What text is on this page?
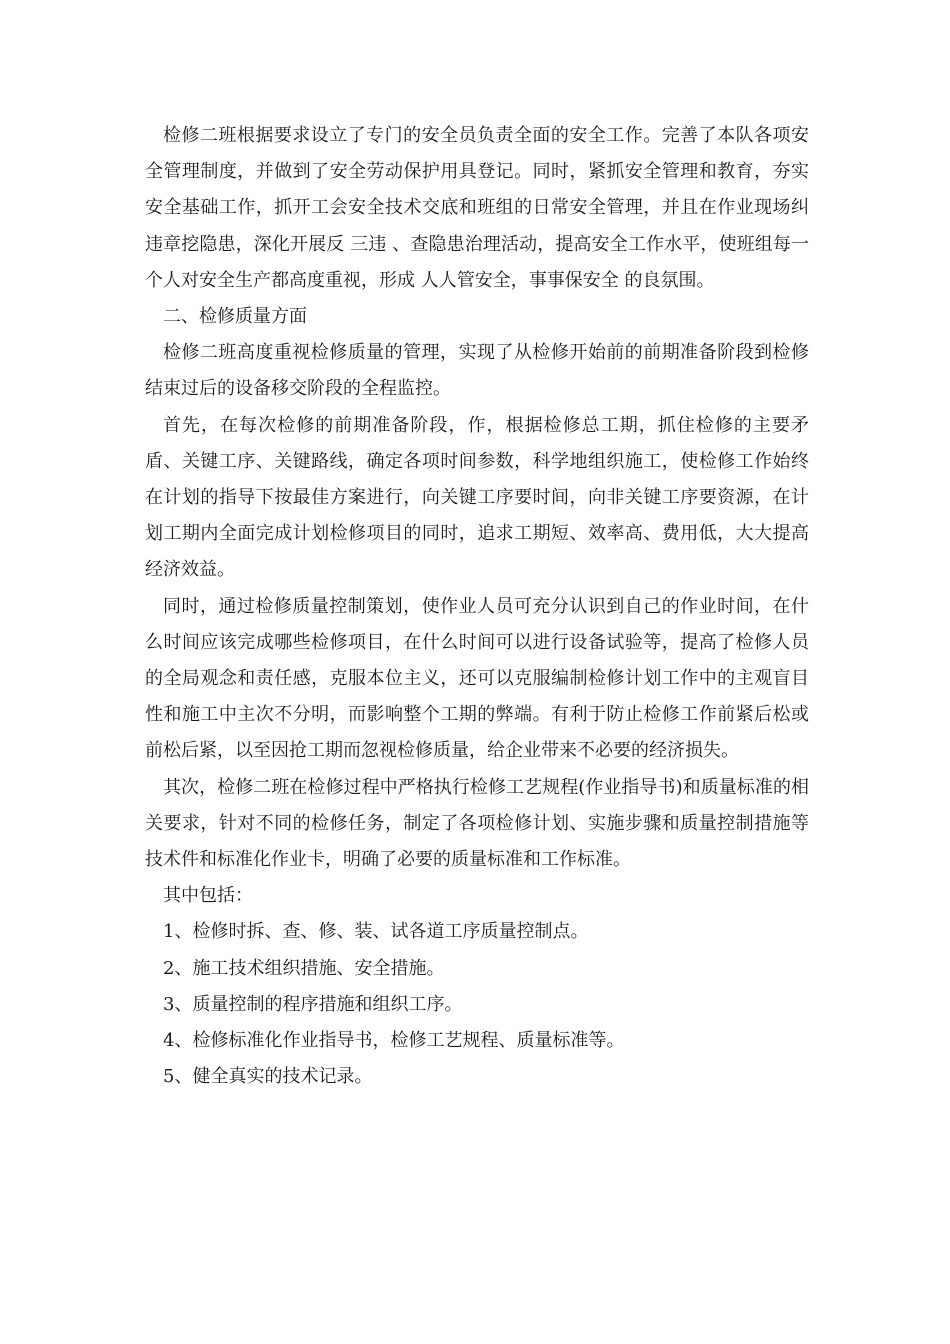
检修二班根据要求设立了专门的安全员负责全面的安全工作。完善了本队各项安全管理制度，并做到了安全劳动保护用具登记。同时，紧抓安全管理和教育，夯实安全基础工作，抓开工会安全技术交底和班组的日常安全管理，并且在作业现场纠违章挖隐患，深化开展反 三违 、查隐患治理活动，提高安全工作水平，使班组每一个人对安全生产都高度重视，形成 人人管安全，事事保安全 的良氛围。

二、检修质量方面

检修二班高度重视检修质量的管理，实现了从检修开始前的前期准备阶段到检修结束过后的设备移交阶段的全程监控。

首先，在每次检修的前期准备阶段，作，根据检修总工期，抓住检修的主要矛盾、关键工序、关键路线，确定各项时间参数，科学地组织施工，使检修工作始终在计划的指导下按最佳方案进行，向关键工序要时间，向非关键工序要资源，在计划工期内全面完成计划检修项目的同时，追求工期短、效率高、费用低，大大提高经济效益。

同时，通过检修质量控制策划，使作业人员可充分认识到自己的作业时间，在什么时间应该完成哪些检修项目，在什么时间可以进行设备试验等，提高了检修人员的全局观念和责任感，克服本位主义，还可以克服编制检修计划工作中的主观盲目性和施工中主次不分明，而影响整个工期的弊端。有利于防止检修工作前紧后松或前松后紧，以至因抢工期而忽视检修质量，给企业带来不必要的经济损失。

其次，检修二班在检修过程中严格执行检修工艺规程(作业指导书)和质量标准的相关要求，针对不同的检修任务，制定了各项检修计划、实施步骤和质量控制措施等技术件和标准化作业卡，明确了必要的质量标准和工作标准。

其中包括：

1、检修时拆、查、修、装、试各道工序质量控制点。

2、施工技术组织措施、安全措施。

3、质量控制的程序措施和组织工序。

4、检修标准化作业指导书，检修工艺规程、质量标准等。

5、健全真实的技术记录。
